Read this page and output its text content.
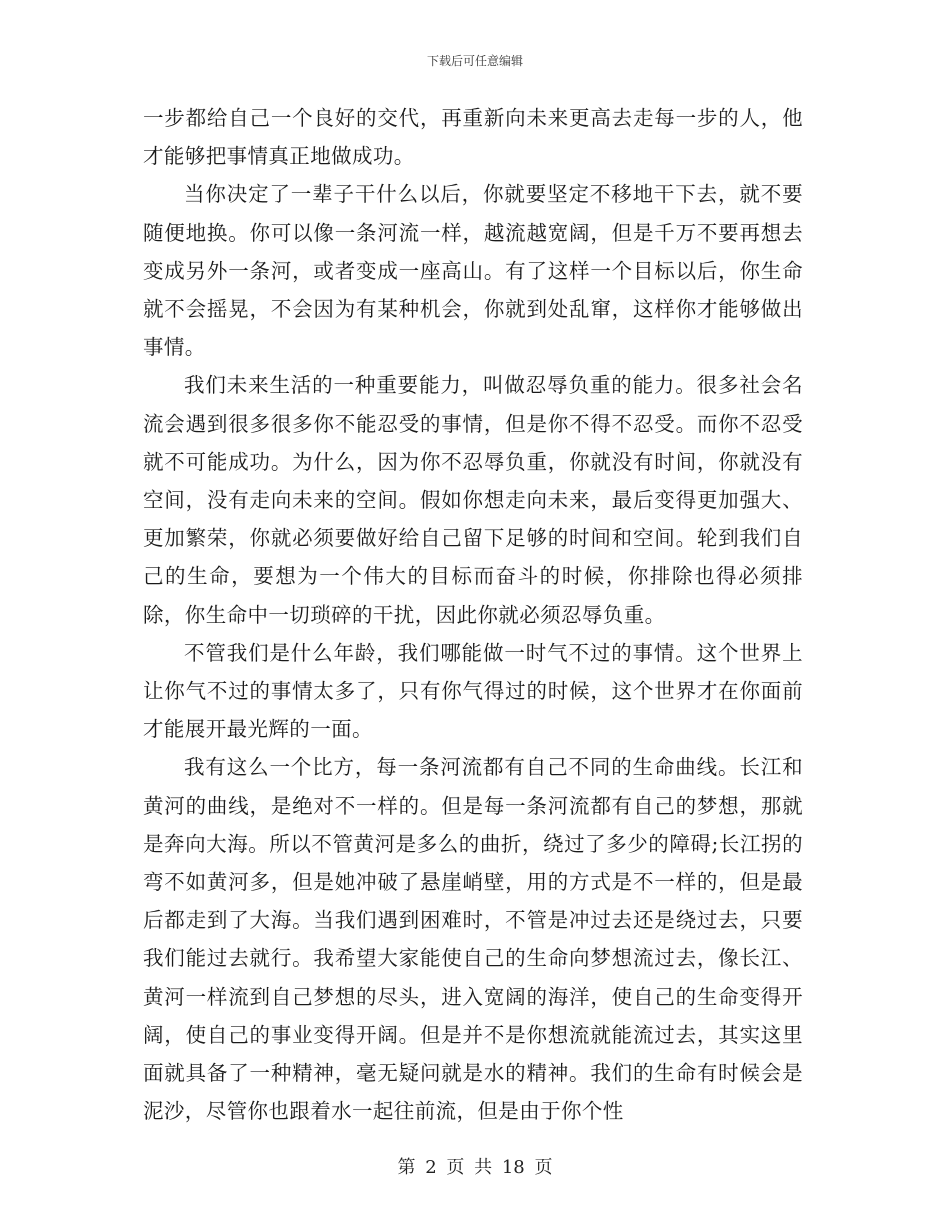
下载后可任意编辑

一步都给自己一个良好的交代，再重新向未来更高去走每一步的人，他才能够把事情真正地做成功。

当你决定了一辈子干什么以后，你就要坚定不移地干下去，就不要随便地换。你可以像一条河流一样，越流越宽阔，但是千万不要再想去变成另外一条河，或者变成一座高山。有了这样一个目标以后，你生命就不会摇晃，不会因为有某种机会，你就到处乱窜，这样你才能够做出事情。

我们未来生活的一种重要能力，叫做忍辱负重的能力。很多社会名流会遇到很多很多你不能忍受的事情，但是你不得不忍受。而你不忍受就不可能成功。为什么，因为你不忍辱负重，你就没有时间，你就没有空间，没有走向未来的空间。假如你想走向未来，最后变得更加强大、更加繁荣，你就必须要做好给自己留下足够的时间和空间。轮到我们自己的生命，要想为一个伟大的目标而奋斗的时候，你排除也得必须排除，你生命中一切琐碎的干扰，因此你就必须忍辱负重。

不管我们是什么年龄，我们哪能做一时气不过的事情。这个世界上让你气不过的事情太多了，只有你气得过的时候，这个世界才在你面前才能展开最光辉的一面。

我有这么一个比方，每一条河流都有自己不同的生命曲线。长江和黄河的曲线，是绝对不一样的。但是每一条河流都有自己的梦想，那就是奔向大海。所以不管黄河是多么的曲折，绕过了多少的障碍;长江拐的弯不如黄河多，但是她冲破了悬崖峭壁，用的方式是不一样的，但是最后都走到了大海。当我们遇到困难时，不管是冲过去还是绕过去，只要我们能过去就行。我希望大家能使自己的生命向梦想流过去，像长江、黄河一样流到自己梦想的尽头，进入宽阔的海洋，使自己的生命变得开阔，使自己的事业变得开阔。但是并不是你想流就能流过去，其实这里面就具备了一种精神，毫无疑问就是水的精神。我们的生命有时候会是泥沙，尽管你也跟着水一起往前流，但是由于你个性

第 2 页 共 18 页
